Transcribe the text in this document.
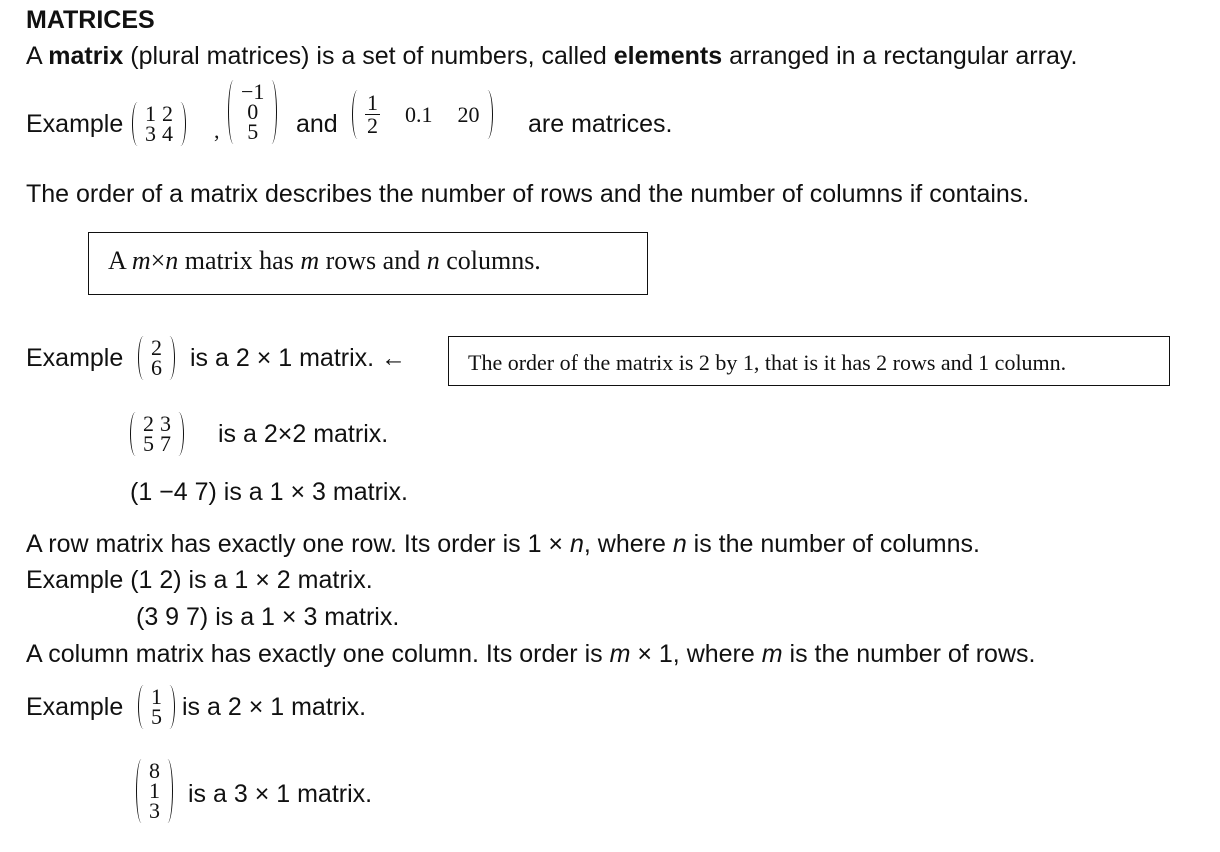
MATRICES
A matrix (plural matrices) is a set of numbers, called elements arranged in a rectangular array.
Example 1	2
3	4 ,
−1
0
5 and $\frac{1}{2}$	0.1	20 are matrices.
The order of a matrix describes the number of rows and the number of columns if contains.
A m×n matrix has m rows and n columns.
Example 2
6 is a 2 × 1 matrix. ←	The order of the matrix is 2 by 1, that is it has 2 rows and 1 column.
2	3
5	7 is a 2×2 matrix.
(1 −4 7) is a 1 × 3 matrix.
A row matrix has exactly one row. Its order is 1 × n, where n is the number of columns.
Example (1 2) is a 1 × 2 matrix.
(3 9 7) is a 1 × 3 matrix.
A column matrix has exactly one column. Its order is m × 1, where m is the number of rows.
Example 1
5 is a 2 × 1 matrix.
8
1
3
is a 3 × 1 matrix.
